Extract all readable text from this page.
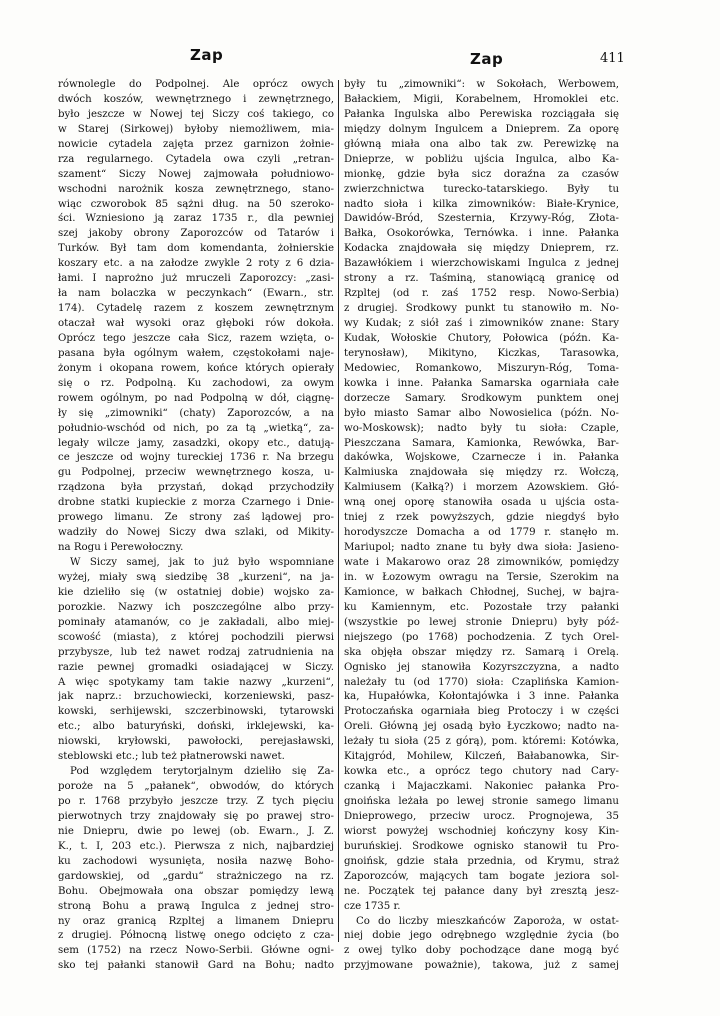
Zap	Zap	411
równolegle do Podpolnej. Ale oprócz owych
dwóch koszów, wewnętrznego i zewnętrznego,
było jeszcze w Nowej tej Siczy coś takiego, co
w Starej (Sirkowej) byłoby niemożliwem, mia-
nowicie cytadela zajęta przez garnizon żołnie-
rza regularnego. Cytadela owa czyli „retran-
szament“ Siczy Nowej zajmowała południowo-
wschodni narożnik kosza zewnętrznego, stano-
wiąc czworobok 85 sążni dług. na 50 szeroko-
ści. Wzniesiono ją zaraz 1735 r., dla pewniej
szej jakoby obrony Zaporozców od Tatarów i
Turków. Był tam dom komendanta, żołnierskie
koszary etc. a na załodze zwykle 2 roty z 6 dzia-
łami. I naprożno już mruczeli Zaporozcy: „zasi-
ła nam bolaczka w peczynkach“ (Ewarn., str.
174). Cytadelę razem z koszem zewnętrznym
otaczał wał wysoki oraz głęboki rów dokoła.
Oprócz tego jeszcze cała Sicz, razem wzięta, o-
pasana była ogólnym wałem, częstokołami naje-
żonym i okopana rowem, końce których opierały
się o rz. Podpolną. Ku zachodowi, za owym
rowem ogólnym, po nad Podpolną w dół, ciągnę-
ły się „zimowniki“ (chaty) Zaporozców, a na
południo-wschód od nich, po za tą „wietką“, za-
legały wilcze jamy, zasadzki, okopy etc., datują-
ce jeszcze od wojny tureckiej 1736 r. Na brzegu
gu Podpolnej, przeciw wewnętrznego kosza, u-
rządzona była przystań, dokąd przychodziły
drobne statki kupieckie z morza Czarnego i Dnie-
prowego limanu. Ze strony zaś lądowej pro-
wadziły do Nowej Siczy dwa szlaki, od Mikity-
na Rogu i Perewołoczny.
W Siczy samej, jak to już było wspomniane
wyżej, miały swą siedzibę 38 „kurzeni“, na ja-
kie dzieliło się (w ostatniej dobie) wojsko za-
porozkie. Nazwy ich poszczególne albo przy-
pominały atamanów, co je zakładali, albo miej-
scowość (miasta), z której pochodzili pierwsi
przybysze, lub też nawet rodzaj zatrudnienia na
razie pewnej gromadki osiadającej w Siczy.
A więc spotykamy tam takie nazwy „kurzeni“,
jak naprz.: brzuchowiecki, korzeniewski, pasz-
kowski, serhijewski, szczerbinowski, tytarowski
etc.; albo baturyński, doński, irklejewski, ka-
niowski, kryłowski, pawołocki, perejasławski,
steblowski etc.; lub też płatnerowski nawet.
Pod względem terytorjalnym dzieliło się Za-
poroże na 5 „pałanek“, obwodów, do których
po r. 1768 przybyło jeszcze trzy. Z tych pięciu
pierwotnych trzy znajdowały się po prawej stro-
nie Dniepru, dwie po lewej (ob. Ewarn., J. Z.
K., t. I, 203 etc.). Pierwsza z nich, najbardziej
ku zachodowi wysunięta, nosiła nazwę Boho-
gardowskiej, od „gardu“ strażniczego na rz.
Bohu. Obejmowała ona obszar pomiędzy lewą
stroną Bohu a prawą Ingulca z jednej stro-
ny oraz granicą Rzpltej a limanem Dniepru
z drugiej. Północną listwę onego odcięto z cza-
sem (1752) na rzecz Nowo-Serbii. Główne ogni-
sko tej pałanki stanowił Gard na Bohu; nadto
były tu „zimowniki“: w Sokołach, Werbowem,
Bałackiem, Migii, Korabelnem, Hromoklei etc.
Pałanka Ingulska albo Perewiska rozciągała się
między dolnym Ingulcem a Dnieprem. Za oporę
główną miała ona albo tak zw. Perewizkę na
Dnieprze, w pobliżu ujścia Ingulca, albo Ka-
mionkę, gdzie była sicz doraźna za czasów
zwierzchnictwa turecko-tatarskiego. Były tu
nadto sioła i kilka zimowników: Białe-Krynice,
Dawidów-Bród, Szesternia, Krzywy-Róg, Złota-
Bałka, Osokorówka, Ternówka. i inne. Pałanka
Kodacka znajdowała się między Dnieprem, rz.
Bazawłókiem i wierzchowiskami Ingulca z jednej
strony a rz. Taśminą, stanowiącą granicę od
Rzpltej (od r. zaś 1752 resp. Nowo-Serbia)
z drugiej. Środkowy punkt tu stanowiło m. No-
wy Kudak; z siół zaś i zimowników znane: Stary
Kudak, Wołoskie Chutory, Połowica (późn. Ka-
terynosław), Mikityno, Kiczkas, Tarasowka,
Medowiec, Romankowo, Miszuryn-Róg, Toma-
kowka i inne. Pałanka Samarska ogarniała całe
dorzecze Samary. Środkowym punktem onej
było miasto Samar albo Nowosielica (późn. No-
wo-Moskowsk); nadto były tu sioła: Czaple,
Pieszczana Samara, Kamionka, Rewówka, Bar-
dakówka, Wojskowe, Czarnecze i in. Pałanka
Kalmiuska znajdowała się między rz. Wołczą,
Kalmiusem (Kałką?) i morzem Azowskiem. Głó-
wną onej oporę stanowiła osada u ujścia osta-
tniej z rzek powyższych, gdzie niegdyś było
horodyszcze Domacha a od 1779 r. stanęło m.
Mariupol; nadto znane tu były dwa sioła: Jasieno-
wate i Makarowo oraz 28 zimowników, pomiędzy
in. w Łozowym owragu na Tersie, Szerokim na
Kamionce, w bałkach Chłodnej, Suchej, w bajra-
ku Kamiennym, etc. Pozostałe trzy pałanki
(wszystkie po lewej stronie Dniepru) były póź-
niejszego (po 1768) pochodzenia. Z tych Orel-
ska objęła obszar między rz. Samarą i Orelą.
Ognisko jej stanowiła Kozyrszczyzna, a nadto
należały tu (od 1770) sioła: Czaplińska Kamion-
ka, Hupałówka, Kołontajówka i 3 inne. Pałanka
Protoczańska ogarniała bieg Protoczy i w części
Oreli. Główną jej osadą było Łyczkowo; nadto na-
leżały tu sioła (25 z górą), pom. któremi: Kotówka,
Kitajgród, Mohilew, Kilczeń, Bałabanowka, Sir-
kowka etc., a oprócz tego chutory nad Cary-
czanką i Majaczkami. Nakoniec pałanka Pro-
gnoińska leżała po lewej stronie samego limanu
Dnieprowego, przeciw urocz. Prognojewa, 35
wiorst powyżej wschodniej kończyny kosy Kin-
buruńskiej. Środkowe ognisko stanowił tu Pro-
gnoińsk, gdzie stała przednia, od Krymu, straż
Zaporozców, mających tam bogate jeziora sol-
ne. Początek tej pałance dany był zresztą jesz-
cze 1735 r.
Co do liczby mieszkańców Zaporoża, w ostat-
niej dobie jego odrębnego względnie życia (bo
z owej tylko doby pochodzące dane mogą być
przyjmowane poważnie), takowa, już z samej
